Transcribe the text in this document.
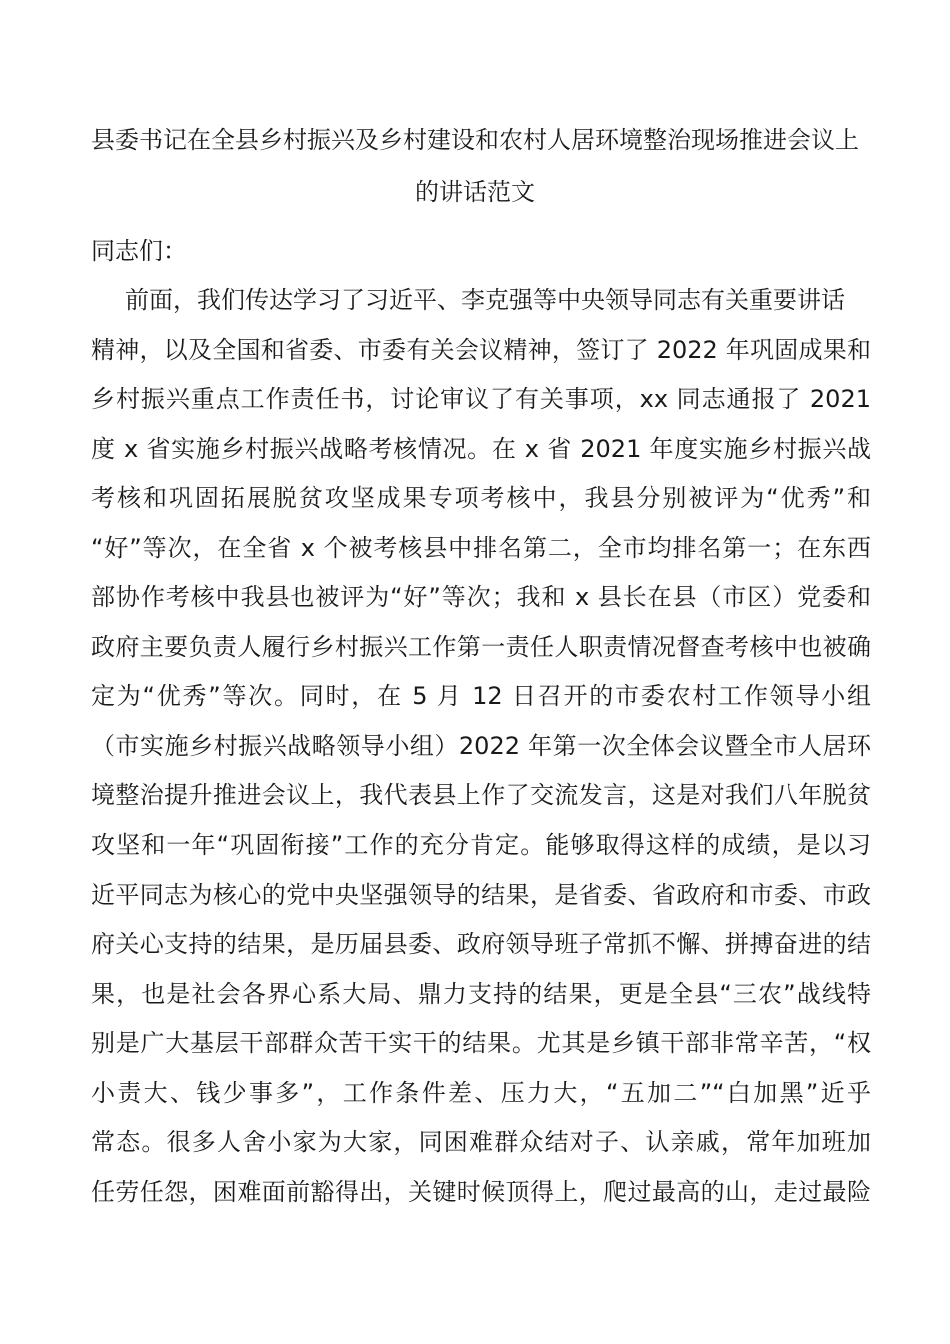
县委书记在全县乡村振兴及乡村建设和农村人居环境整治现场推进会议上
的讲话范文
同志们：
前面，我们传达学习了习近平、李克强等中央领导同志有关重要讲话
精神，以及全国和省委、市委有关会议精神，签订了 2022 年巩固成果和
乡村振兴重点工作责任书，讨论审议了有关事项，xx 同志通报了 2021
度 x 省实施乡村振兴战略考核情况。在 x 省 2021 年度实施乡村振兴战
考核和巩固拓展脱贫攻坚成果专项考核中，我县分别被评为“优秀”和
“好”等次，在全省 x 个被考核县中排名第二，全市均排名第一；在东西
部协作考核中我县也被评为“好”等次；我和 x 县长在县（市区）党委和
政府主要负责人履行乡村振兴工作第一责任人职责情况督查考核中也被确
定为“优秀”等次。同时，在 5 月 12 日召开的市委农村工作领导小组
（市实施乡村振兴战略领导小组）2022 年第一次全体会议暨全市人居环
境整治提升推进会议上，我代表县上作了交流发言，这是对我们八年脱贫
攻坚和一年“巩固衔接”工作的充分肯定。能够取得这样的成绩，是以习
近平同志为核心的党中央坚强领导的结果，是省委、省政府和市委、市政
府关心支持的结果，是历届县委、政府领导班子常抓不懈、拼搏奋进的结
果，也是社会各界心系大局、鼎力支持的结果，更是全县“三农”战线特
别是广大基层干部群众苦干实干的结果。尤其是乡镇干部非常辛苦，“权
小责大、钱少事多”，工作条件差、压力大，“五加二”“白加黑”近乎
常态。很多人舍小家为大家，同困难群众结对子、认亲戚，常年加班加
任劳任怨，困难面前豁得出，关键时候顶得上，爬过最高的山，走过最险
